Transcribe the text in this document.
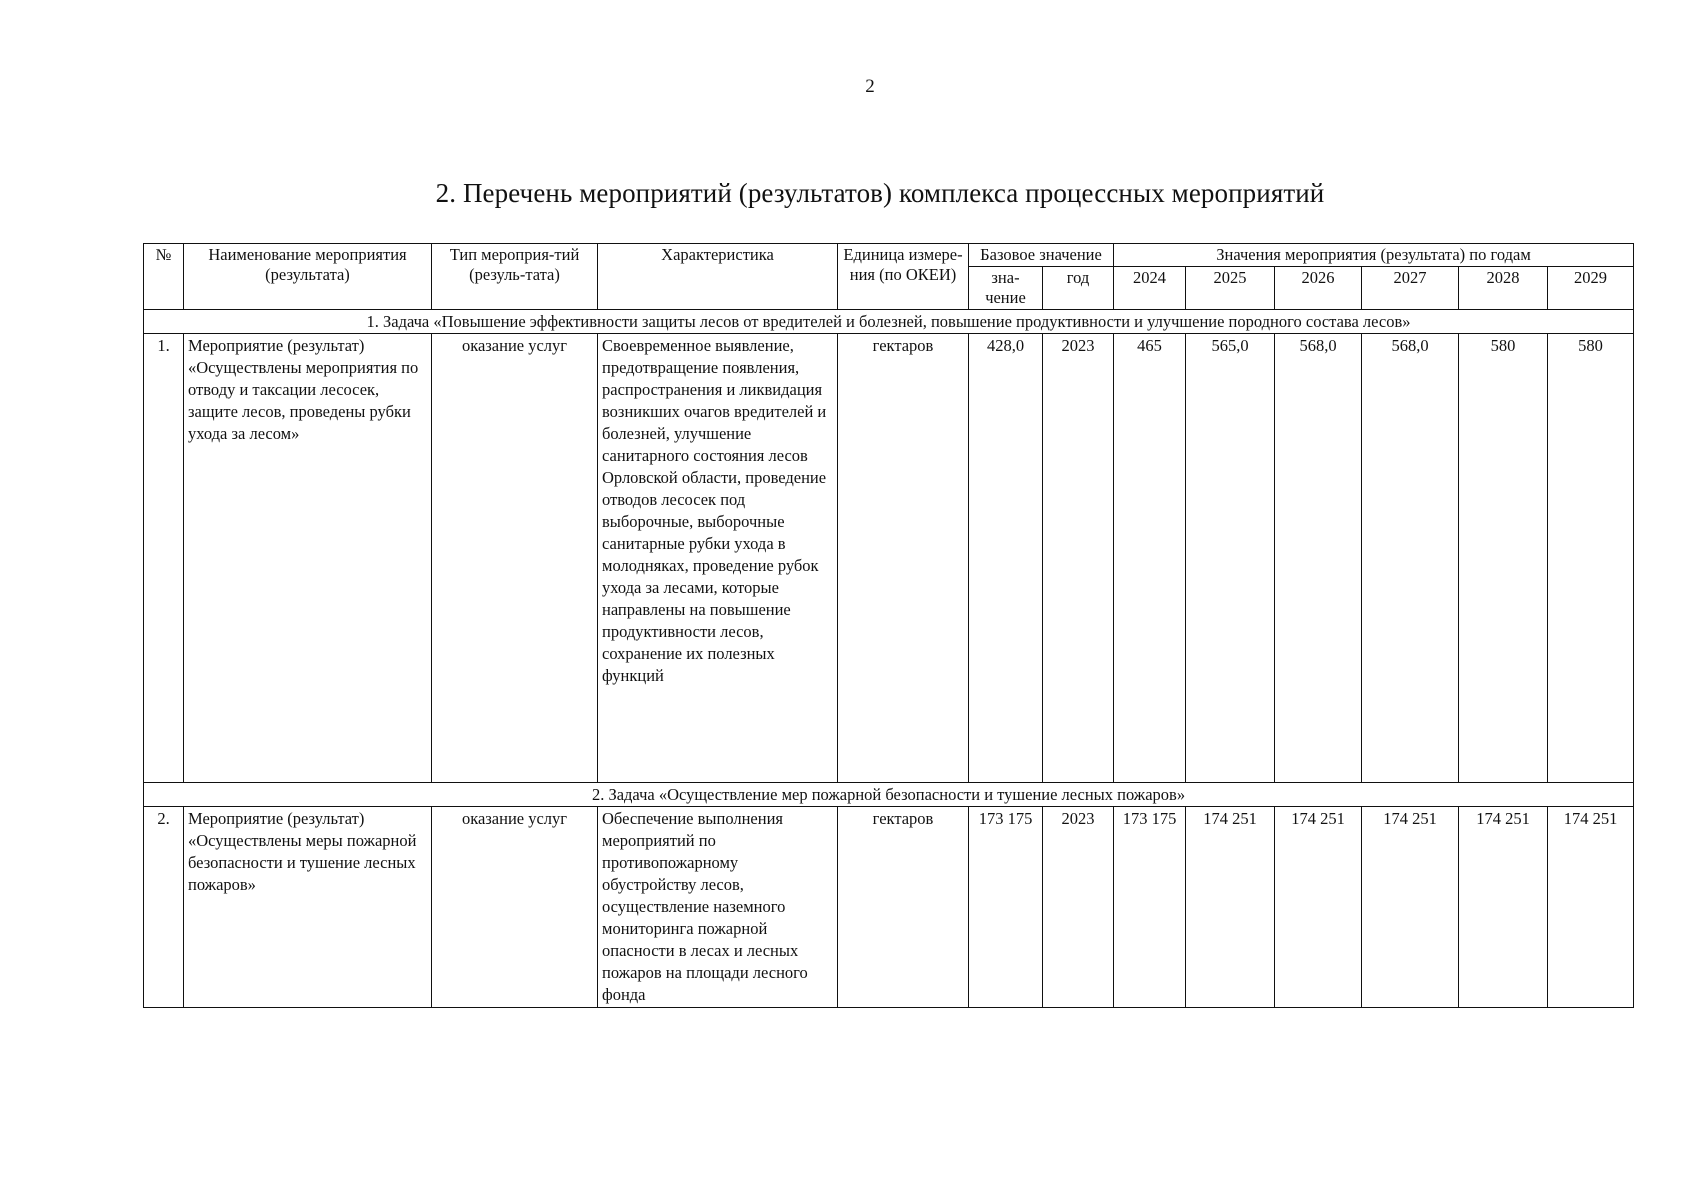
2
2. Перечень мероприятий (результатов) комплекса процессных мероприятий
№	Наименование мероприятия (результата)	Тип мероприя-тий (резуль-тата)	Характеристика	Единица измере-ния (по ОКЕИ)	Базовое значение		Значения мероприятия (результата) по годам					
					зна-чение	год	2024	2025	2026	2027	2028	2029
1. Задача «Повышение эффективности защиты лесов от вредителей и болезней, повышение продуктивности и улучшение породного состава лесов»												
1.	Мероприятие (результат) «Осуществлены мероприятия по отводу и таксации лесосек, защите лесов, проведены рубки ухода за лесом»	оказание услуг	Своевременное выявление, предотвращение появления, распространения и ликвидация возникших очагов вредителей и болезней, улучшение санитарного состояния лесов Орловской области, проведение отводов лесосек под выборочные, выборочные санитарные рубки ухода в молодняках, проведение рубок ухода за лесами, которые направлены на повышение продуктивности лесов, сохранение их полезных функций	гектаров	428,0	2023	465	565,0	568,0	568,0	580	580
2. Задача «Осуществление мер пожарной безопасности и тушение лесных пожаров»												
2.	Мероприятие (результат) «Осуществлены меры пожарной безопасности и тушение лесных пожаров»	оказание услуг	Обеспечение выполнения мероприятий по противопожарному обустройству лесов, осуществление наземного мониторинга пожарной опасности в лесах и лесных пожаров на площади лесного фонда	гектаров	173 175	2023	173 175	174 251	174 251	174 251	174 251	174 251
